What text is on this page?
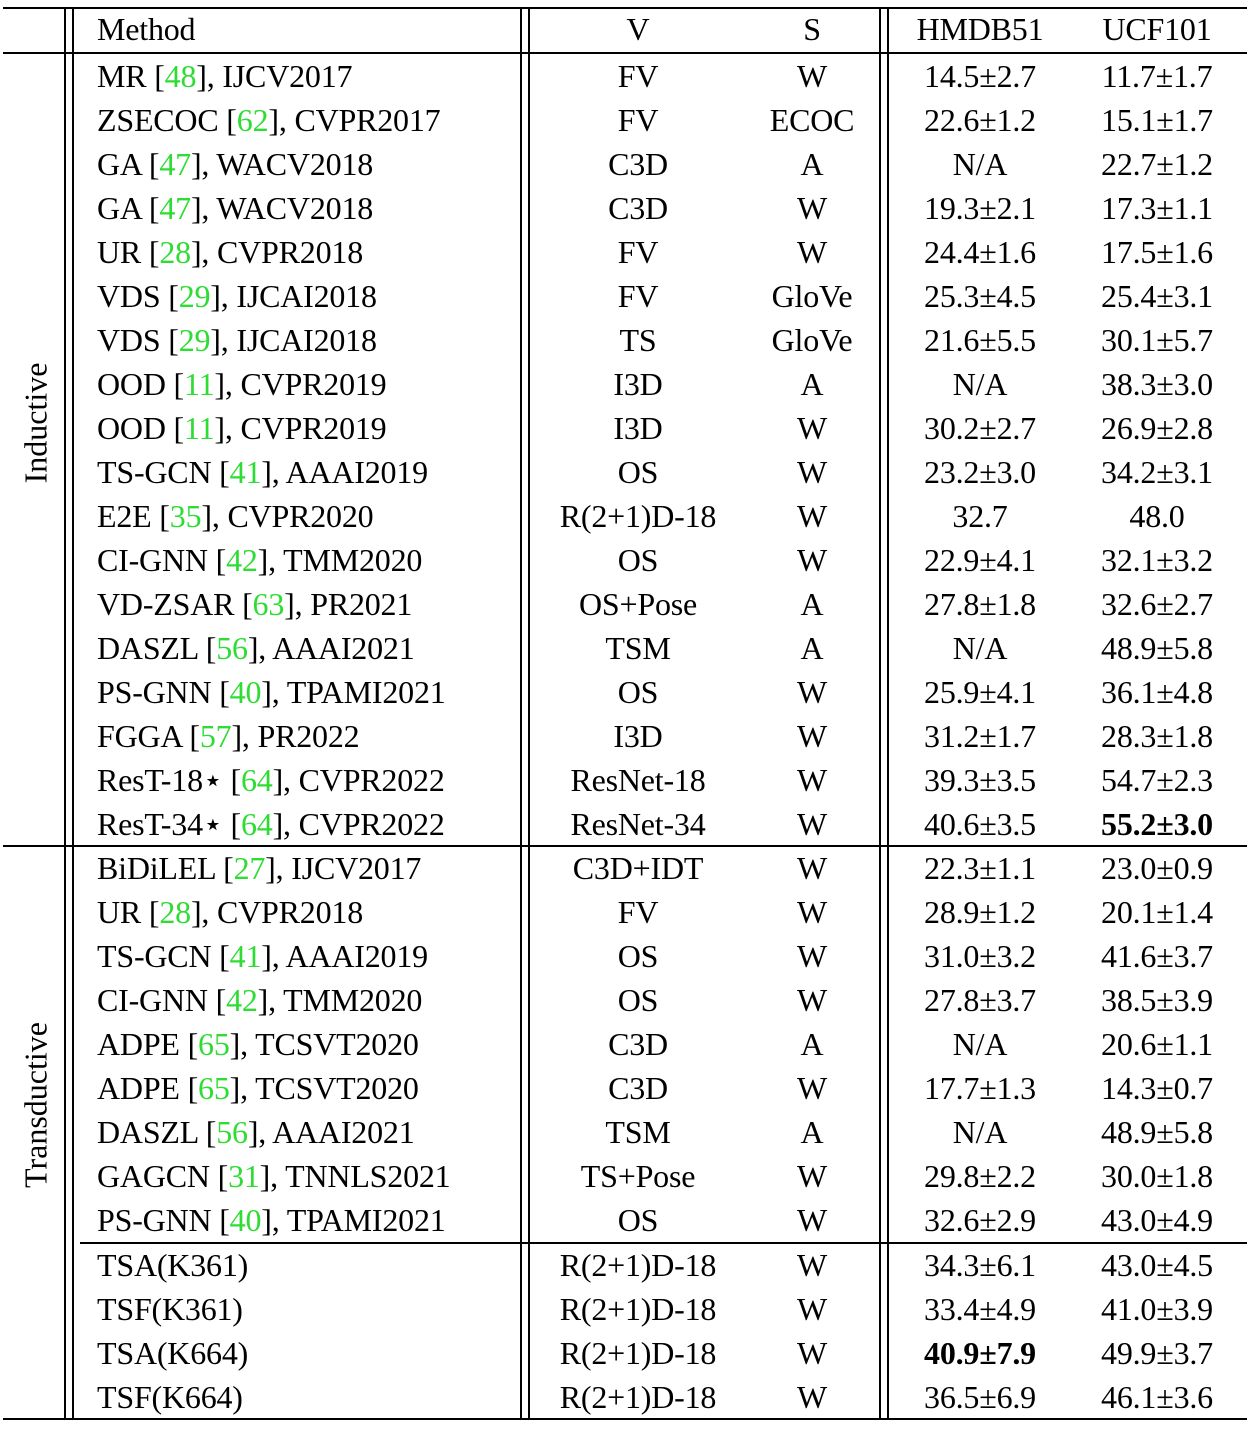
Method	V	S	HMDB51 UCF101
Inductive
Transductive
MR [48], IJCV2017	FV	W	14.5±2.7 11.7±1.7
ZSECOC [62], CVPR2017	FV	ECOC 22.6±1.2 15.1±1.7
GA [47], WACV2018	C3D	A	N/A	22.7±1.2
GA [47], WACV2018	C3D	W	19.3±2.1 17.3±1.1
UR [28], CVPR2018	FV	W	24.4±1.6 17.5±1.6
VDS [29], IJCAI2018	FV	GloVe 25.3±4.5 25.4±3.1
VDS [29], IJCAI2018	TS	GloVe 21.6±5.5 30.1±5.7
OOD [11], CVPR2019	I3D	A	N/A	38.3±3.0
OOD [11], CVPR2019	I3D	W	30.2±2.7 26.9±2.8
TS-GCN [41], AAAI2019	OS	W	23.2±3.0 34.2±3.1
E2E [35], CVPR2020	R(2+1)D-18	W	32.7	48.0
CI-GNN [42], TMM2020	OS	W	22.9±4.1 32.1±3.2
VD-ZSAR [63], PR2021	OS+Pose	A	27.8±1.8 32.6±2.7
DASZL [56], AAAI2021	TSM	A	N/A	48.9±5.8
PS-GNN [40], TPAMI2021	OS	W	25.9±4.1 36.1±4.8
FGGA [57], PR2022	I3D	W	31.2±1.7 28.3±1.8
ResT-18⋆ [64], CVPR2022	ResNet-18	W	39.3±3.5 54.7±2.3
ResT-34⋆ [64], CVPR2022	ResNet-34	W	40.6±3.5 55.2±3.0
BiDiLEL [27], IJCV2017	C3D+IDT	W	22.3±1.1 23.0±0.9
UR [28], CVPR2018	FV	W	28.9±1.2 20.1±1.4
TS-GCN [41], AAAI2019	OS	W	31.0±3.2 41.6±3.7
CI-GNN [42], TMM2020	OS	W	27.8±3.7 38.5±3.9
ADPE [65], TCSVT2020	C3D	A	N/A	20.6±1.1
ADPE [65], TCSVT2020	C3D	W	17.7±1.3 14.3±0.7
DASZL [56], AAAI2021	TSM	A	N/A	48.9±5.8
GAGCN [31], TNNLS2021	TS+Pose	W	29.8±2.2 30.0±1.8
PS-GNN [40], TPAMI2021	OS	W	32.6±2.9 43.0±4.9
TSA(K361)	R(2+1)D-18	W	34.3±6.1 43.0±4.5
TSF(K361)	R(2+1)D-18	W	33.4±4.9 41.0±3.9
TSA(K664)	R(2+1)D-18	W	40.9±7.9 49.9±3.7
TSF(K664)	R(2+1)D-18	W	36.5±6.9 46.1±3.6
